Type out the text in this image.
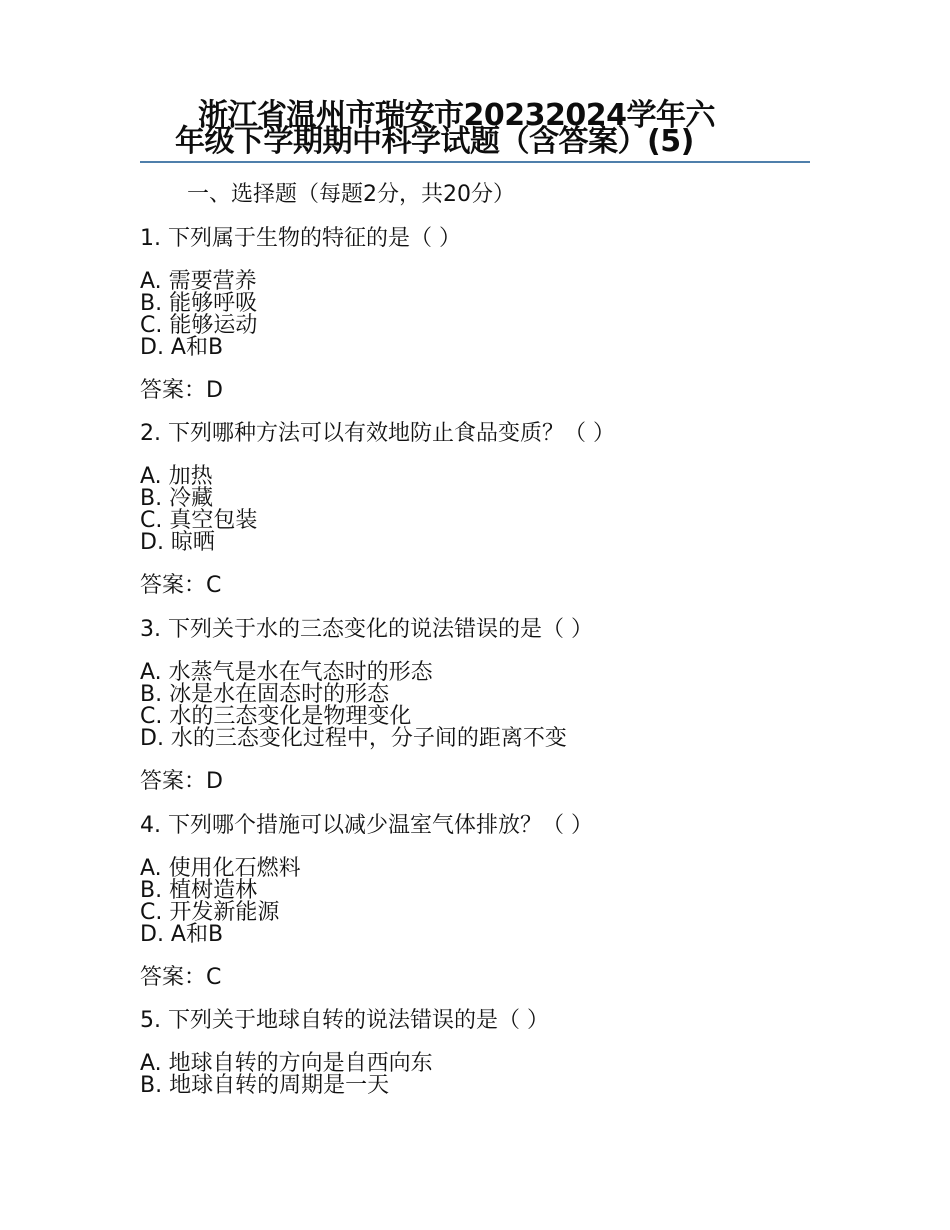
浙江省温州市瑞安市20232024学年六
年级下学期期中科学试题（含答案）(5)
一、选择题（每题2分，共20分）

1. 下列属于生物的特征的是（ ）

A. 需要营养
B. 能够呼吸
C. 能够运动
D. A和B
答案：D

2. 下列哪种方法可以有效地防止食品变质？（ ）

A. 加热
B. 冷藏
C. 真空包装
D. 晾晒
答案：C

3. 下列关于水的三态变化的说法错误的是（ ）

A. 水蒸气是水在气态时的形态
B. 冰是水在固态时的形态
C. 水的三态变化是物理变化
D. 水的三态变化过程中，分子间的距离不变
答案：D

4. 下列哪个措施可以减少温室气体排放？（ ）

A. 使用化石燃料
B. 植树造林
C. 开发新能源
D. A和B
答案：C

5. 下列关于地球自转的说法错误的是（ ）

A. 地球自转的方向是自西向东
B. 地球自转的周期是一天
